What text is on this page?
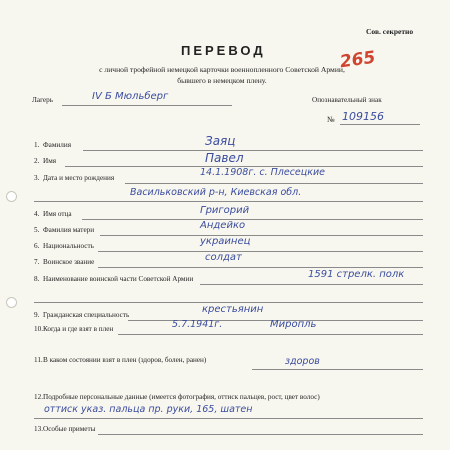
Сов. секретно
ПЕРЕВОД	265
с личной трофейной немецкой карточки военнопленного Советской Армии,
бывшего в немецком плену.
Лагерь	IV Б Мюльберг	Опознавательный знак
№ 109156
1. Фамилия	Заяц
2. Имя	Павел
3. Дата и место рождения	14.1.1908г. с. Плесецкие
Васильковский р-н, Киевская обл.
4. Имя отца	Григорий
5. Фамилия матери	Андейко
6. Национальность	украинец
7. Воинское звание	солдат
8. Наименование воинской части Советской Армии	1591 стрелк. полк
9. Гражданская специальность	крестьянин
10. Когда и где взят в плен	5.7.1941г.	Миропль
11. В каком состоянии взят в плен (здоров, болен, ранен)	здоров
12. Подробные персональные данные (имеется фотография, оттиск пальцев, рост, цвет волос)
оттиск указ. пальца пр. руки, 165, шатен
13. Особые приметы
